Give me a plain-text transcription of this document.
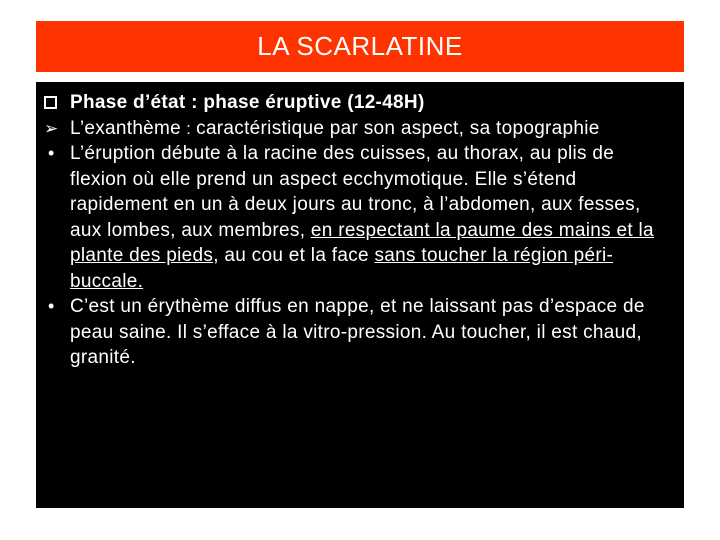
LA SCARLATINE
Phase d’état : phase éruptive (12-48H)
➢ L’exanthème : caractéristique par son aspect, sa topographie
• L’éruption débute à la racine des cuisses, au thorax, au plis de flexion où elle prend un aspect ecchymotique. Elle s’étend rapidement en un à deux jours au tronc, à l’abdomen, aux fesses, aux lombes, aux membres, en respectant la paume des mains et la plante des pieds, au cou et la face sans toucher la région péri-buccale.
• C’est un érythème diffus en nappe, et ne laissant pas d’espace de peau saine. Il s’efface à la vitro-pression. Au toucher, il est chaud, granité.
